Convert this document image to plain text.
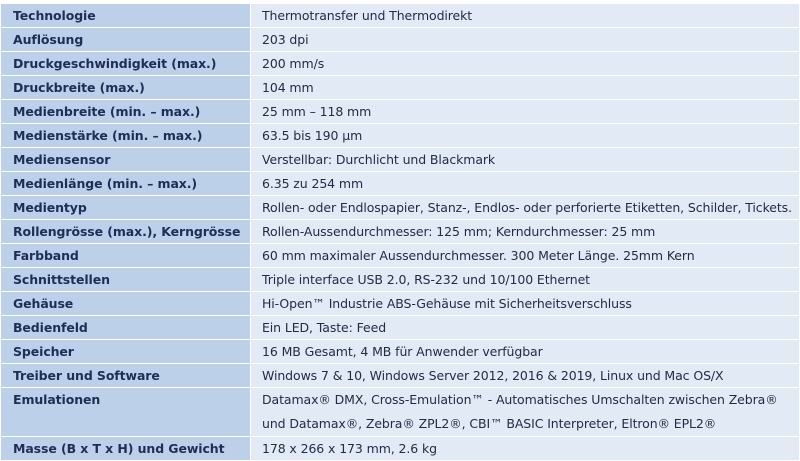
Technologie	Thermotransfer und Thermodirekt

Auflösung	203 dpi

Druckgeschwindigkeit (max.)	200 mm/s

Druckbreite (max.)	104 mm

Medienbreite (min. – max.)	25 mm – 118 mm

Medienstärke (min. – max.)	63.5 bis 190 µm

Mediensensor	Verstellbar: Durchlicht und Blackmark

Medienlänge (min. – max.)	6.35 zu 254 mm

Medientyp	Rollen- oder Endlospapier, Stanz-, Endlos- oder perforierte Etiketten, Schilder, Tickets.

Rollengrösse (max.), Kerngrösse	Rollen-Aussendurchmesser: 125 mm; Kerndurchmesser: 25 mm

Farbband	60 mm maximaler Aussendurchmesser. 300 Meter Länge. 25mm Kern

Schnittstellen	Triple interface USB 2.0, RS-232 und 10/100 Ethernet

Gehäuse	Hi-Open™ Industrie ABS-Gehäuse mit Sicherheitsverschluss

Bedienfeld	Ein LED, Taste: Feed

Speicher	16 MB Gesamt, 4 MB für Anwender verfügbar

Treiber und Software	Windows 7 & 10, Windows Server 2012, 2016 & 2019, Linux und Mac OS/X

Emulationen	Datamax® DMX, Cross-Emulation™ - Automatisches Umschalten zwischen Zebra®
und Datamax®, Zebra® ZPL2®, CBI™ BASIC Interpreter, Eltron® EPL2®

Masse (B x T x H) und Gewicht	178 x 266 x 173 mm, 2.6 kg
